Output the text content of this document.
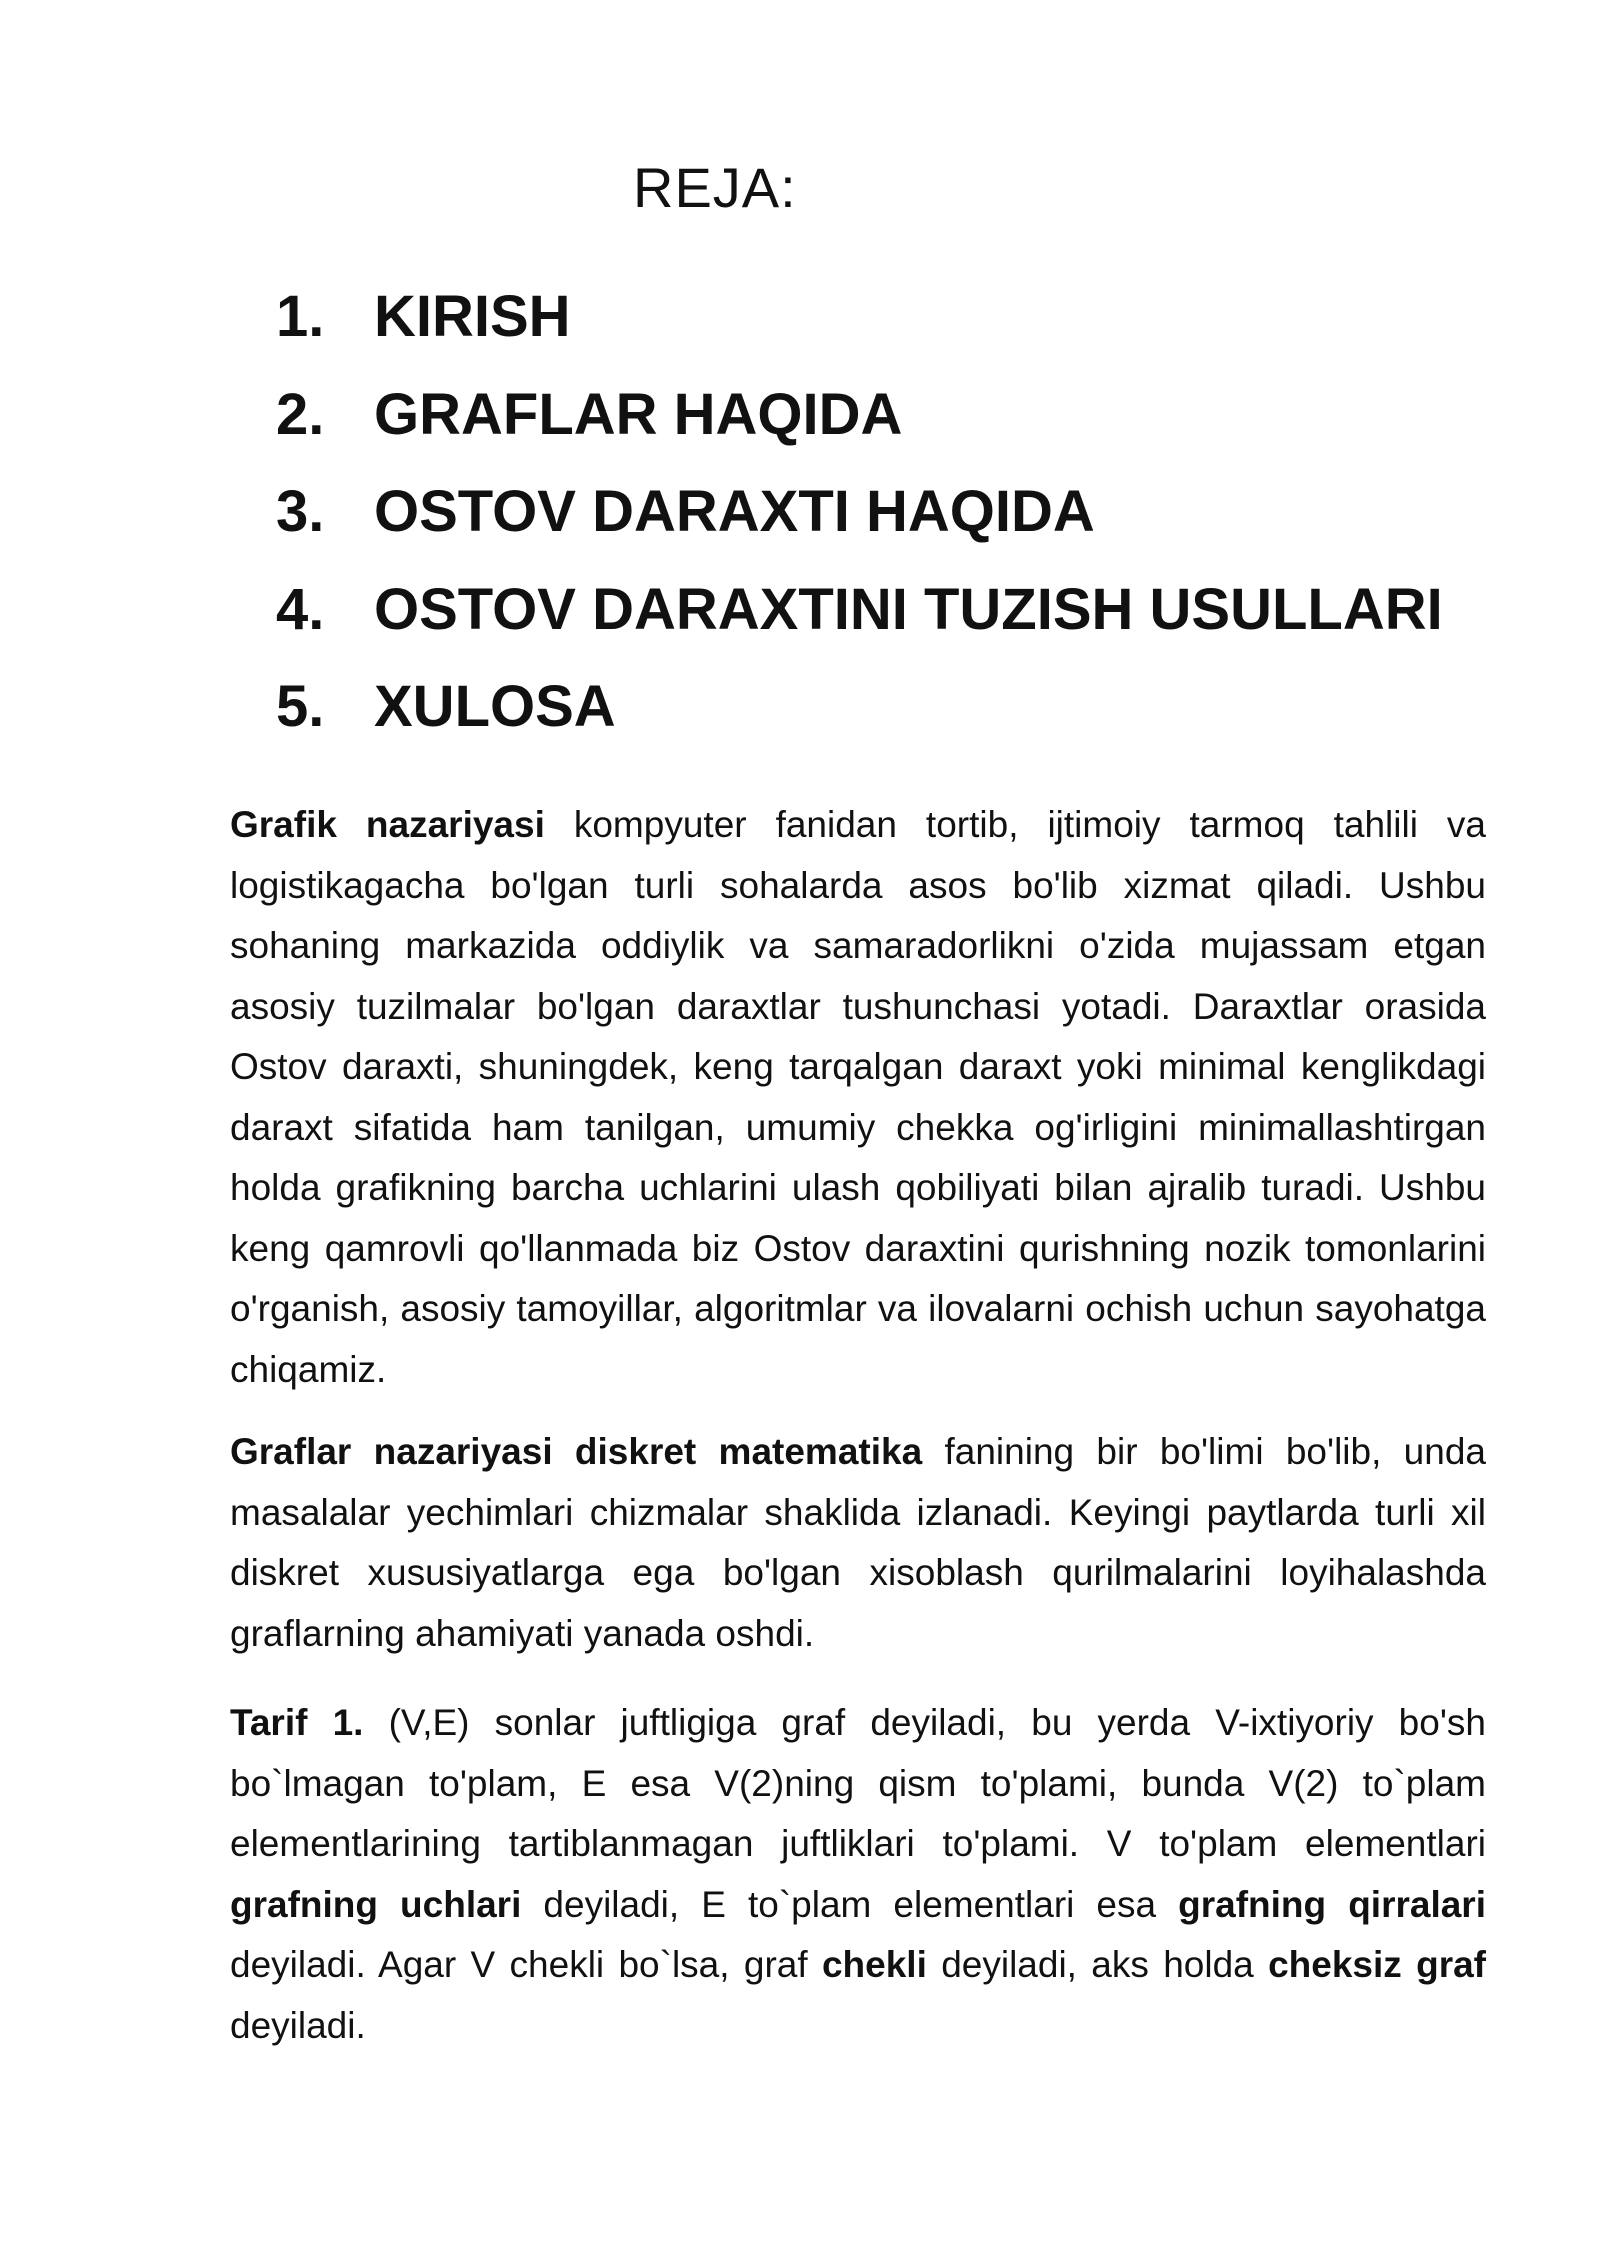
REJA:
1. KIRISH
2. GRAFLAR HAQIDA
3. OSTOV DARAXTI HAQIDA
4. OSTOV DARAXTINI TUZISH USULLARI
5. XULOSA

Grafik nazariyasi kompyuter fanidan tortib, ijtimoiy tarmoq tahlili va logistikagacha bo'lgan turli sohalarda asos bo'lib xizmat qiladi. Ushbu sohaning markazida oddiylik va samaradorlikni o'zida mujassam etgan asosiy tuzilmalar bo'lgan daraxtlar tushunchasi yotadi. Daraxtlar orasida Ostov daraxti, shuningdek, keng tarqalgan daraxt yoki minimal kenglikdagi daraxt sifatida ham tanilgan, umumiy chekka og'irligini minimallashtirgan holda grafikning barcha uchlarini ulash qobiliyati bilan ajralib turadi. Ushbu keng qamrovli qo'llanmada biz Ostov daraxtini qurishning nozik tomonlarini o'rganish, asosiy tamoyillar, algoritmlar va ilovalarni ochish uchun sayohatga chiqamiz.

Graflar nazariyasi diskret matematika fanining bir bo'limi bo'lib, unda masalalar yechimlari chizmalar shaklida izlanadi. Keyingi paytlarda turli xil diskret xususiyatlarga ega bo'lgan xisoblash qurilmalarini loyihalashda graflarning ahamiyati yanada oshdi.

Tarif 1. (V,E) sonlar juftligiga graf deyiladi, bu yerda V-ixtiyoriy bo'sh bo`lmagan to'plam, E esa V(2)ning qism to'plami, bunda V(2) to`plam elementlarining tartiblanmagan juftliklari to'plami. V to'plam elementlari grafning uchlari deyiladi, E to`plam elementlari esa grafning qirralari deyiladi. Agar V chekli bo`lsa, graf chekli deyiladi, aks holda cheksiz graf deyiladi.
